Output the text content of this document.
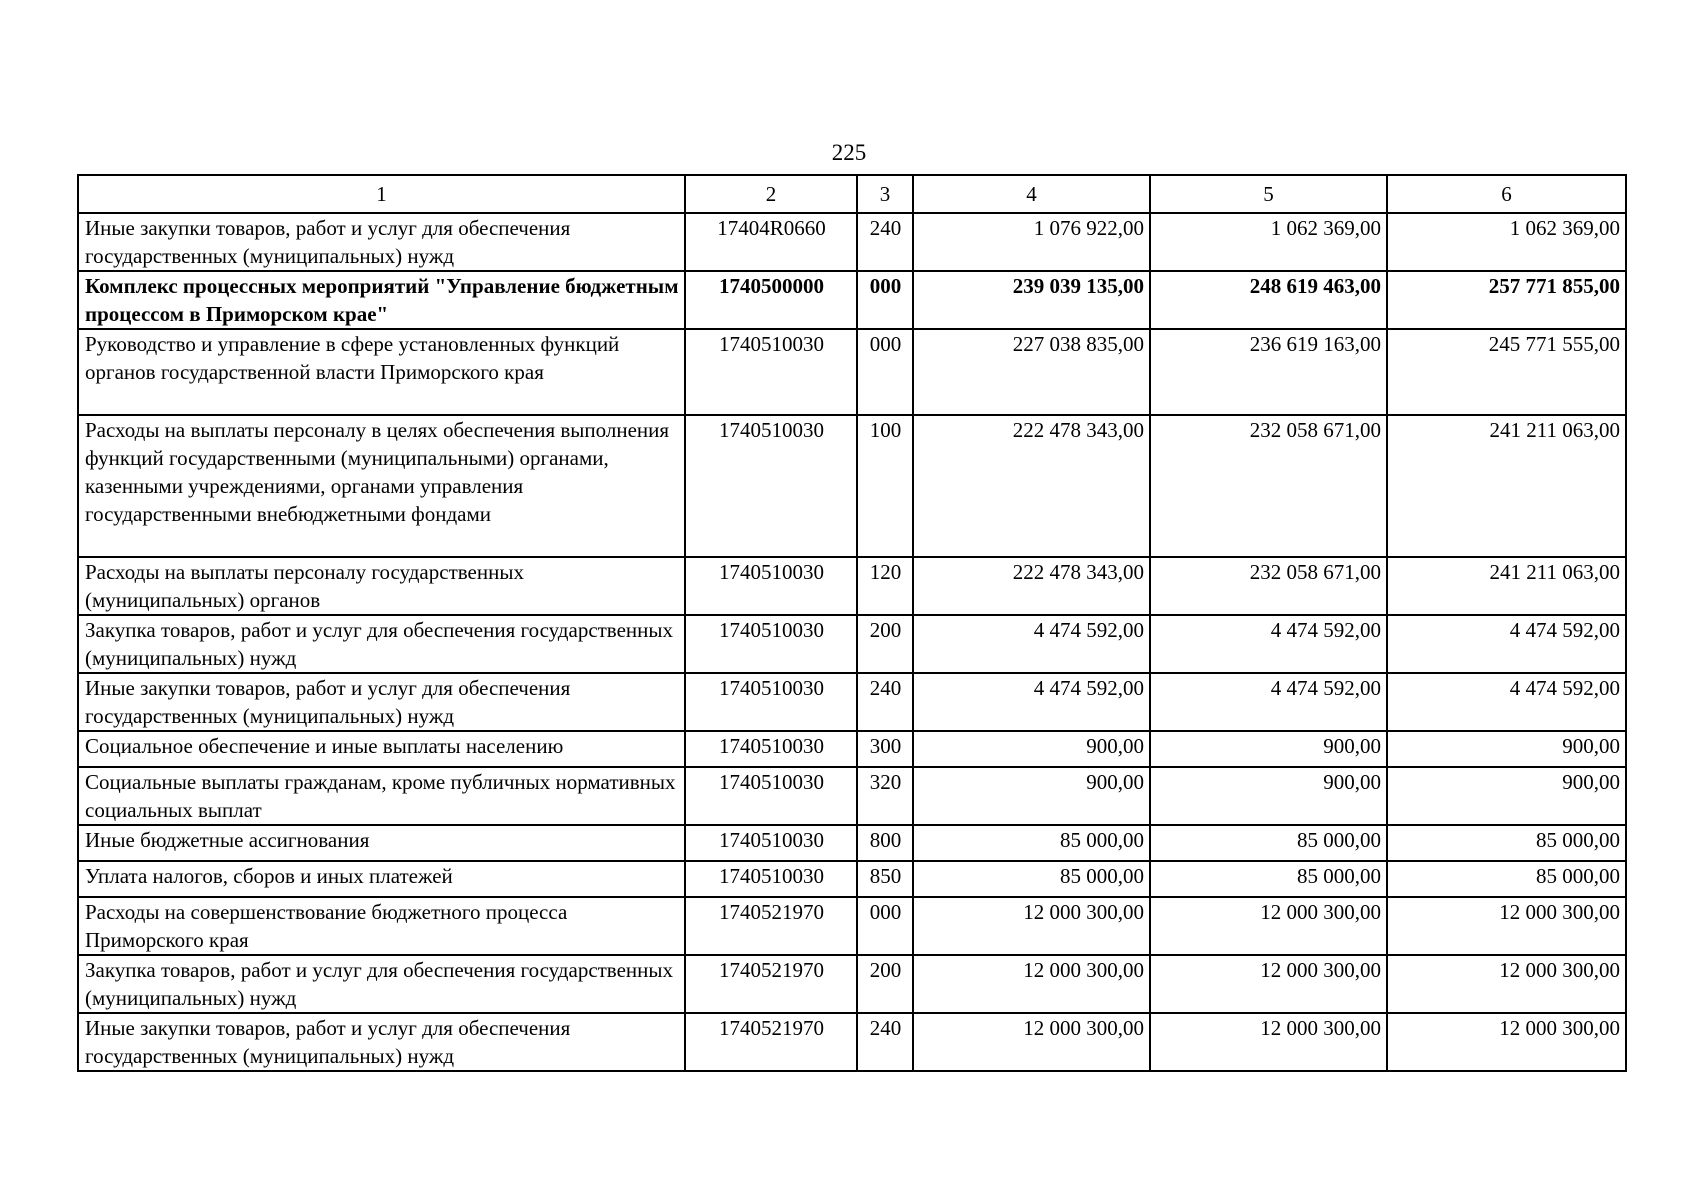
225
1	2	3	4	5	6
Иные закупки товаров, работ и услуг для обеспечения государственных (муниципальных) нужд	17404R0660	240	1 076 922,00	1 062 369,00	1 062 369,00
Комплекс процессных мероприятий "Управление бюджетным процессом в Приморском крае"	1740500000	000	239 039 135,00	248 619 463,00	257 771 855,00
Руководство и управление в сфере установленных функций органов государственной власти Приморского края	1740510030	000	227 038 835,00	236 619 163,00	245 771 555,00
Расходы на выплаты персоналу в целях обеспечения выполнения функций государственными (муниципальными) органами, казенными учреждениями, органами управления государственными внебюджетными фондами	1740510030	100	222 478 343,00	232 058 671,00	241 211 063,00
Расходы на выплаты персоналу государственных (муниципальных) органов	1740510030	120	222 478 343,00	232 058 671,00	241 211 063,00
Закупка товаров, работ и услуг для обеспечения государственных (муниципальных) нужд	1740510030	200	4 474 592,00	4 474 592,00	4 474 592,00
Иные закупки товаров, работ и услуг для обеспечения государственных (муниципальных) нужд	1740510030	240	4 474 592,00	4 474 592,00	4 474 592,00
Социальное обеспечение и иные выплаты населению	1740510030	300	900,00	900,00	900,00
Социальные выплаты гражданам, кроме публичных нормативных социальных выплат	1740510030	320	900,00	900,00	900,00
Иные бюджетные ассигнования	1740510030	800	85 000,00	85 000,00	85 000,00
Уплата налогов, сборов и иных платежей	1740510030	850	85 000,00	85 000,00	85 000,00
Расходы на совершенствование бюджетного процесса Приморского края	1740521970	000	12 000 300,00	12 000 300,00	12 000 300,00
Закупка товаров, работ и услуг для обеспечения государственных (муниципальных) нужд	1740521970	200	12 000 300,00	12 000 300,00	12 000 300,00
Иные закупки товаров, работ и услуг для обеспечения государственных (муниципальных) нужд	1740521970	240	12 000 300,00	12 000 300,00	12 000 300,00
